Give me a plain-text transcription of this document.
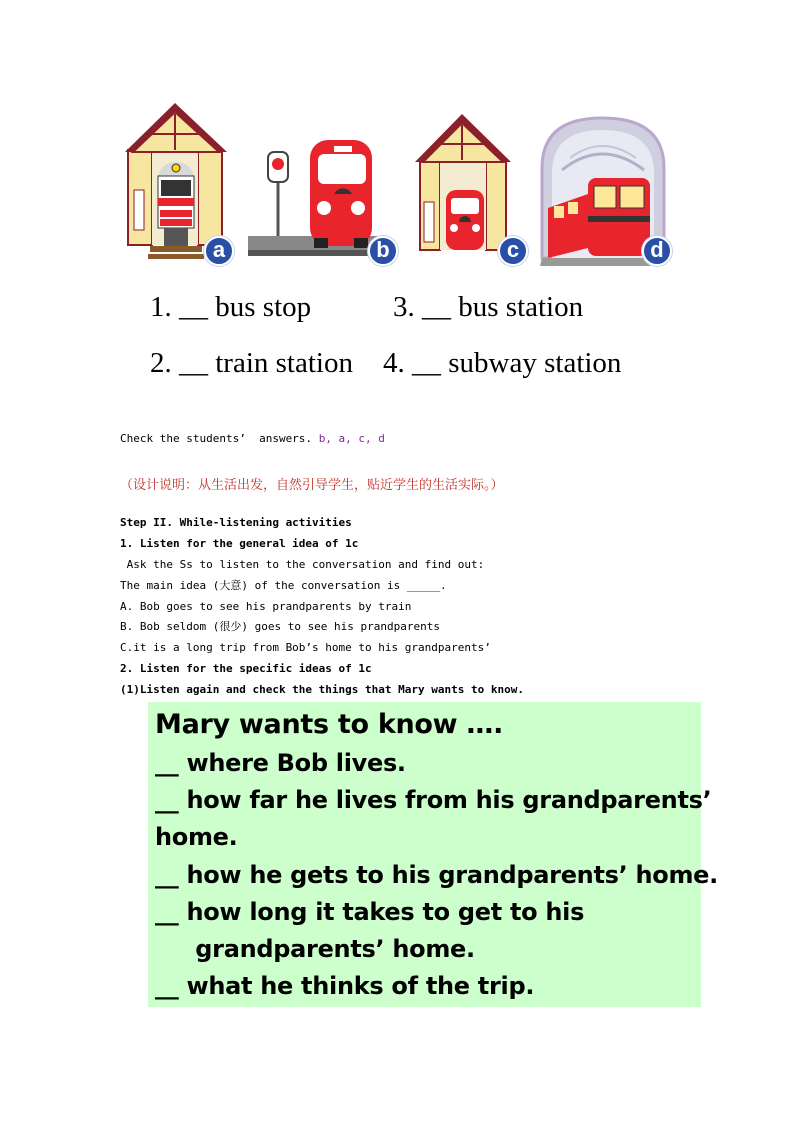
a	b	c	d
1. __ bus stop	3. __ bus station
2. __ train station 4. __ subway station
Check the students’  answers. b, a, c, d
（设计说明：从生活出发，自然引导学生，贴近学生的生活实际。）
Step II. While-listening activities
1. Listen for the general idea of 1c
Ask the Ss to listen to the conversation and find out:
The main idea (大意) of the conversation is _____.
A. Bob goes to see his prandparents by train
B. Bob seldom (很少) goes to see his prandparents
C.it is a long trip from Bob’s home to his grandparents’
2. Listen for the specific ideas of 1c
(1)Listen again and check the things that Mary wants to know.
Mary wants to know ….
__ where Bob lives.
__ how far he lives from his grandparents’
home.
__ how he gets to his grandparents’ home.
__ how long it takes to get to his
grandparents’ home.
__ what he thinks of the trip.
